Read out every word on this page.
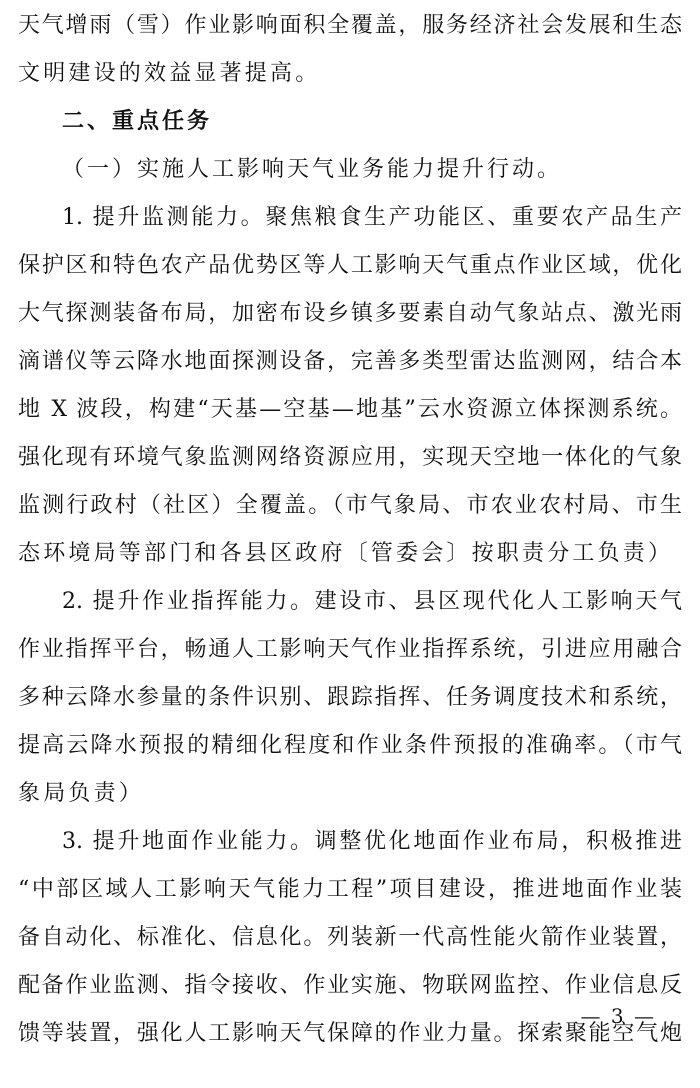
天气增雨（雪）作业影响面积全覆盖，服务经济社会发展和生态
文明建设的效益显著提高。
二、重点任务
（一）实施人工影响天气业务能力提升行动。
1. 提升监测能力。聚焦粮食生产功能区、重要农产品生产
保护区和特色农产品优势区等人工影响天气重点作业区域，优化
大气探测装备布局，加密布设乡镇多要素自动气象站点、激光雨
滴谱仪等云降水地面探测设备，完善多类型雷达监测网，结合本
地 X 波段，构建“天基—空基—地基”云水资源立体探测系统。
强化现有环境气象监测网络资源应用，实现天空地一体化的气象
监测行政村（社区）全覆盖。（市气象局、市农业农村局、市生
态环境局等部门和各县区政府〔管委会〕按职责分工负责）
2. 提升作业指挥能力。建设市、县区现代化人工影响天气
作业指挥平台，畅通人工影响天气作业指挥系统，引进应用融合
多种云降水参量的条件识别、跟踪指挥、任务调度技术和系统，
提高云降水预报的精细化程度和作业条件预报的准确率。（市气
象局负责）
3. 提升地面作业能力。调整优化地面作业布局，积极推进
“中部区域人工影响天气能力工程”项目建设，推进地面作业装
备自动化、标准化、信息化。列装新一代高性能火箭作业装置，
配备作业监测、指令接收、作业实施、物联网监控、作业信息反
馈等装置，强化人工影响天气保障的作业力量。探索聚能空气炮
— 3 —
